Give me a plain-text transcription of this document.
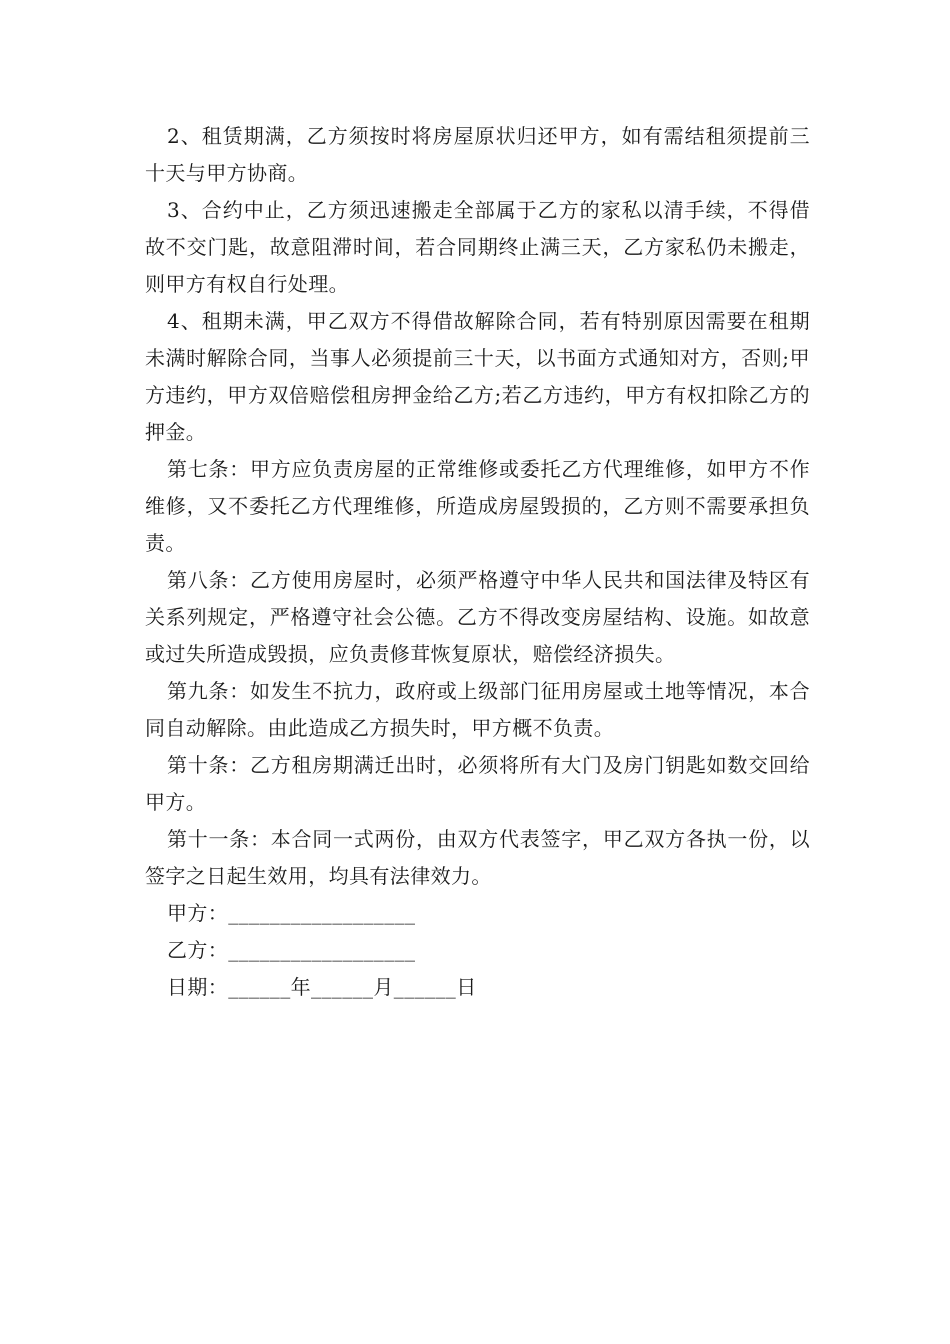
2、租赁期满，乙方须按时将房屋原状归还甲方，如有需结租须提前三十天与甲方协商。

3、合约中止，乙方须迅速搬走全部属于乙方的家私以清手续，不得借故不交门匙，故意阻滞时间，若合同期终止满三天，乙方家私仍未搬走，则甲方有权自行处理。

4、租期未满，甲乙双方不得借故解除合同，若有特别原因需要在租期未满时解除合同，当事人必须提前三十天，以书面方式通知对方，否则;甲方违约，甲方双倍赔偿租房押金给乙方;若乙方违约，甲方有权扣除乙方的押金。

第七条：甲方应负责房屋的正常维修或委托乙方代理维修，如甲方不作维修，又不委托乙方代理维修，所造成房屋毁损的，乙方则不需要承担负责。

第八条：乙方使用房屋时，必须严格遵守中华人民共和国法律及特区有关系列规定，严格遵守社会公德。乙方不得改变房屋结构、设施。如故意或过失所造成毁损，应负责修茸恢复原状，赔偿经济损失。

第九条：如发生不抗力，政府或上级部门征用房屋或土地等情况，本合同自动解除。由此造成乙方损失时，甲方概不负责。

第十条：乙方租房期满迁出时，必须将所有大门及房门钥匙如数交回给甲方。

第十一条：本合同一式两份，由双方代表签字，甲乙双方各执一份，以签字之日起生效用，均具有法律效力。

甲方：__________________

乙方：__________________

日期：______年______月______日
